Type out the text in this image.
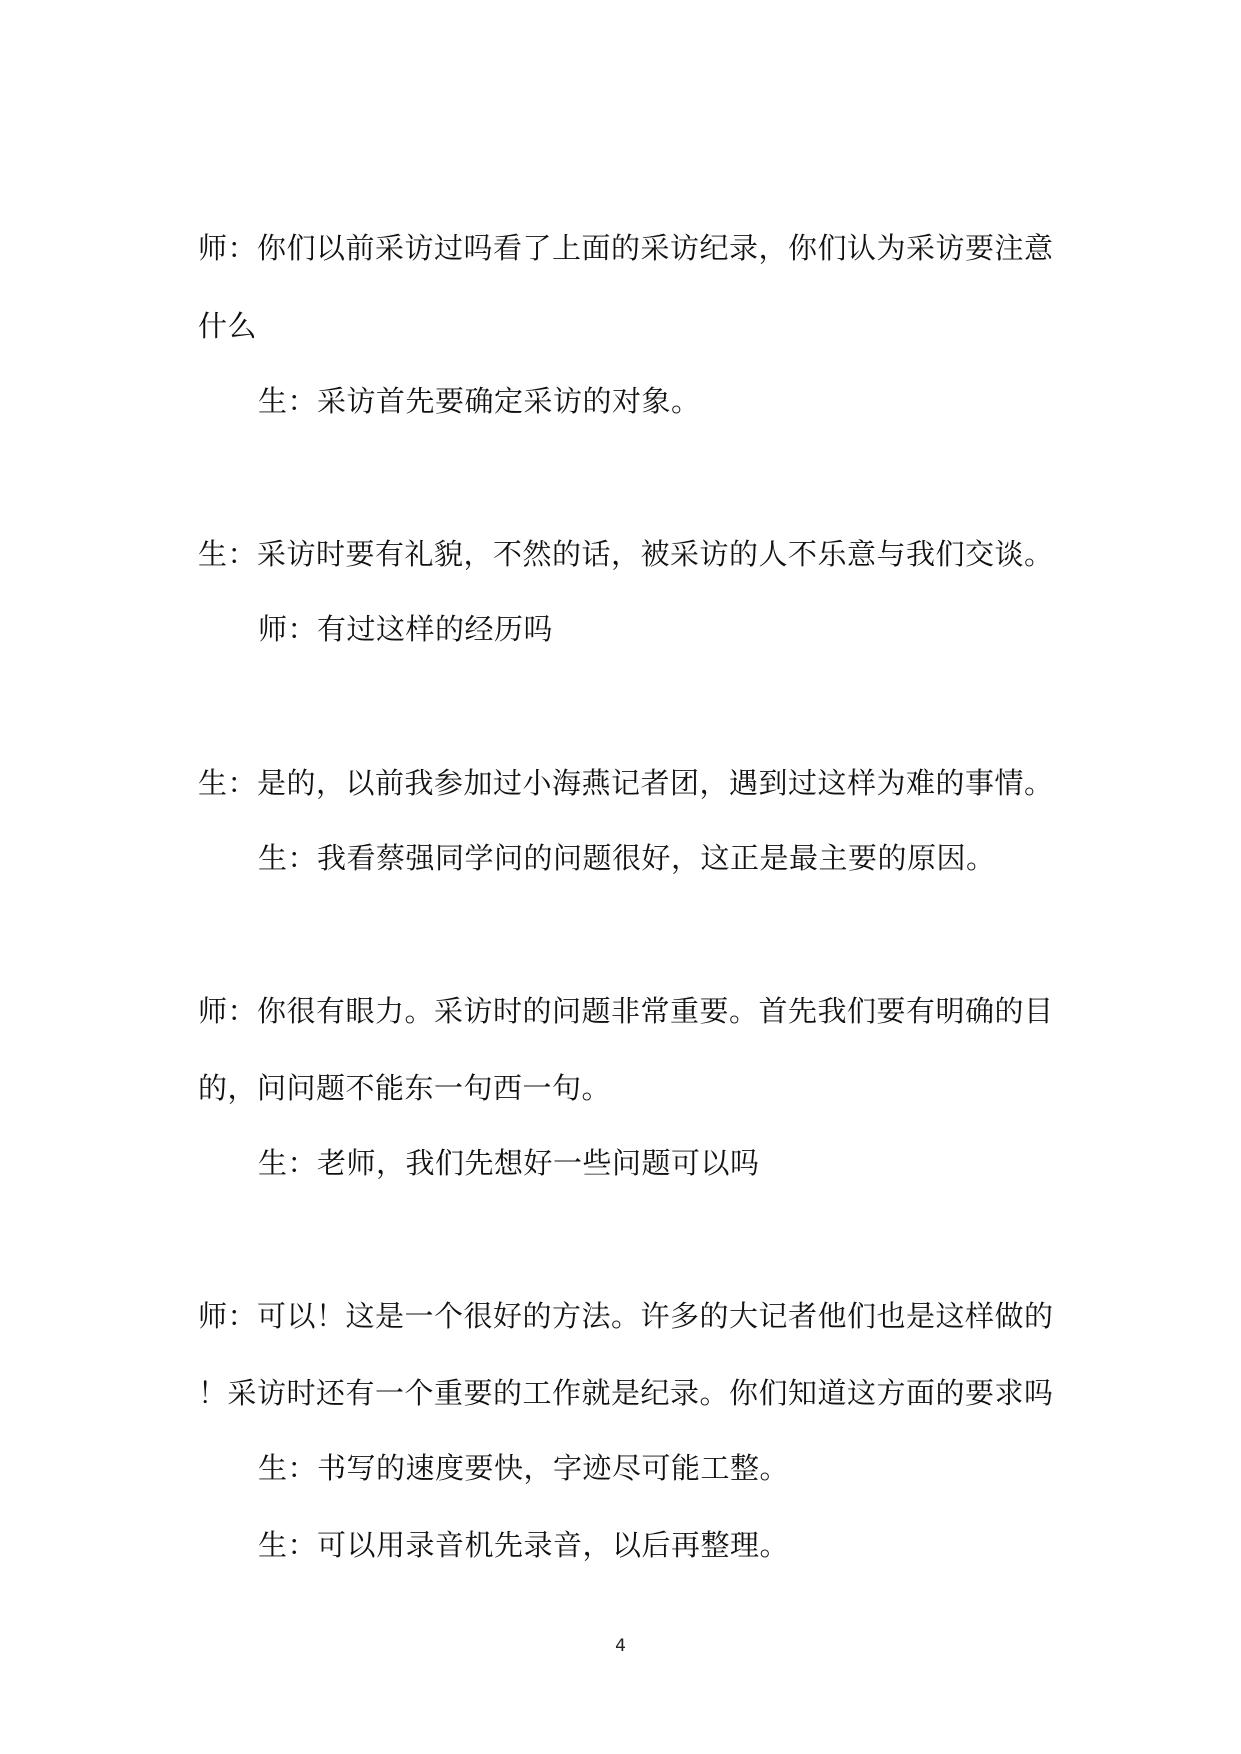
师：你们以前采访过吗看了上面的采访纪录，你们认为采访要注意
什么
生：采访首先要确定采访的对象。
生：采访时要有礼貌，不然的话，被采访的人不乐意与我们交谈。
师：有过这样的经历吗
生：是的，以前我参加过小海燕记者团，遇到过这样为难的事情。
生：我看蔡强同学问的问题很好，这正是最主要的原因。
师：你很有眼力。采访时的问题非常重要。首先我们要有明确的目
的，问问题不能东一句西一句。
生：老师，我们先想好一些问题可以吗
师：可以！这是一个很好的方法。许多的大记者他们也是这样做的
！采访时还有一个重要的工作就是纪录。你们知道这方面的要求吗
生：书写的速度要快，字迹尽可能工整。
生：可以用录音机先录音，以后再整理。
4
